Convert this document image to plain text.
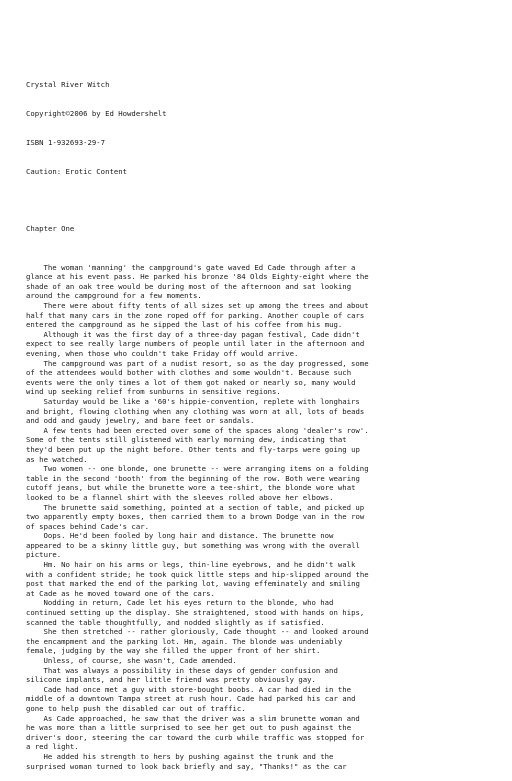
Crystal River Witch

Copyright©2006 by Ed Howdershelt

ISBN 1-932693-29-7

Caution: Erotic Content

Chapter One

The woman 'manning' the campground's gate waved Ed Cade through after a
glance at his event pass. He parked his bronze '84 Olds Eighty-eight where the
shade of an oak tree would be during most of the afternoon and sat looking
around the campground for a few moments.
There were about fifty tents of all sizes set up among the trees and about
half that many cars in the zone roped off for parking. Another couple of cars
entered the campground as he sipped the last of his coffee from his mug.
Although it was the first day of a three-day pagan festival, Cade didn't
expect to see really large numbers of people until later in the afternoon and
evening, when those who couldn't take Friday off would arrive.
The campground was part of a nudist resort, so as the day progressed, some
of the attendees would bother with clothes and some wouldn't. Because such
events were the only times a lot of them got naked or nearly so, many would
wind up seeking relief from sunburns in sensitive regions.
Saturday would be like a '60's hippie-convention, replete with longhairs
and bright, flowing clothing when any clothing was worn at all, lots of beads
and odd and gaudy jewelry, and bare feet or sandals.
A few tents had been erected over some of the spaces along 'dealer's row'.
Some of the tents still glistened with early morning dew, indicating that
they'd been put up the night before. Other tents and fly-tarps were going up
as he watched.
Two women -- one blonde, one brunette -- were arranging items on a folding
table in the second 'booth' from the beginning of the row. Both were wearing
cutoff jeans, but while the brunette wore a tee-shirt, the blonde wore what
looked to be a flannel shirt with the sleeves rolled above her elbows.
The brunette said something, pointed at a section of table, and picked up
two apparently empty boxes, then carried them to a brown Dodge van in the row
of spaces behind Cade's car.
Oops. He'd been fooled by long hair and distance. The brunette now
appeared to be a skinny little guy, but something was wrong with the overall
picture.
Hm. No hair on his arms or legs, thin-line eyebrows, and he didn't walk
with a confident stride; he took quick little steps and hip-slipped around the
post that marked the end of the parking lot, waving effeminately and smiling
at Cade as he moved toward one of the cars.
Nodding in return, Cade let his eyes return to the blonde, who had
continued setting up the display. She straightened, stood with hands on hips,
scanned the table thoughtfully, and nodded slightly as if satisfied.
She then stretched -- rather gloriously, Cade thought -- and looked around
the encampment and the parking lot. Hm, again. The blonde was undeniably
female, judging by the way she filled the upper front of her shirt.
Unless, of course, she wasn't, Cade amended.
That was always a possibility in these days of gender confusion and
silicone implants, and her little friend was pretty obviously gay.
Cade had once met a guy with store-bought boobs. A car had died in the
middle of a downtown Tampa street at rush hour. Cade had parked his car and
gone to help push the disabled car out of traffic.
As Cade approached, he saw that the driver was a slim brunette woman and
he was more than a little surprised to see her get out to push against the
driver's door, steering the car toward the curb while traffic was stopped for
a red light.
He added his strength to hers by pushing against the trunk and the
surprised woman turned to look back briefly and say, "Thanks!" as the car
